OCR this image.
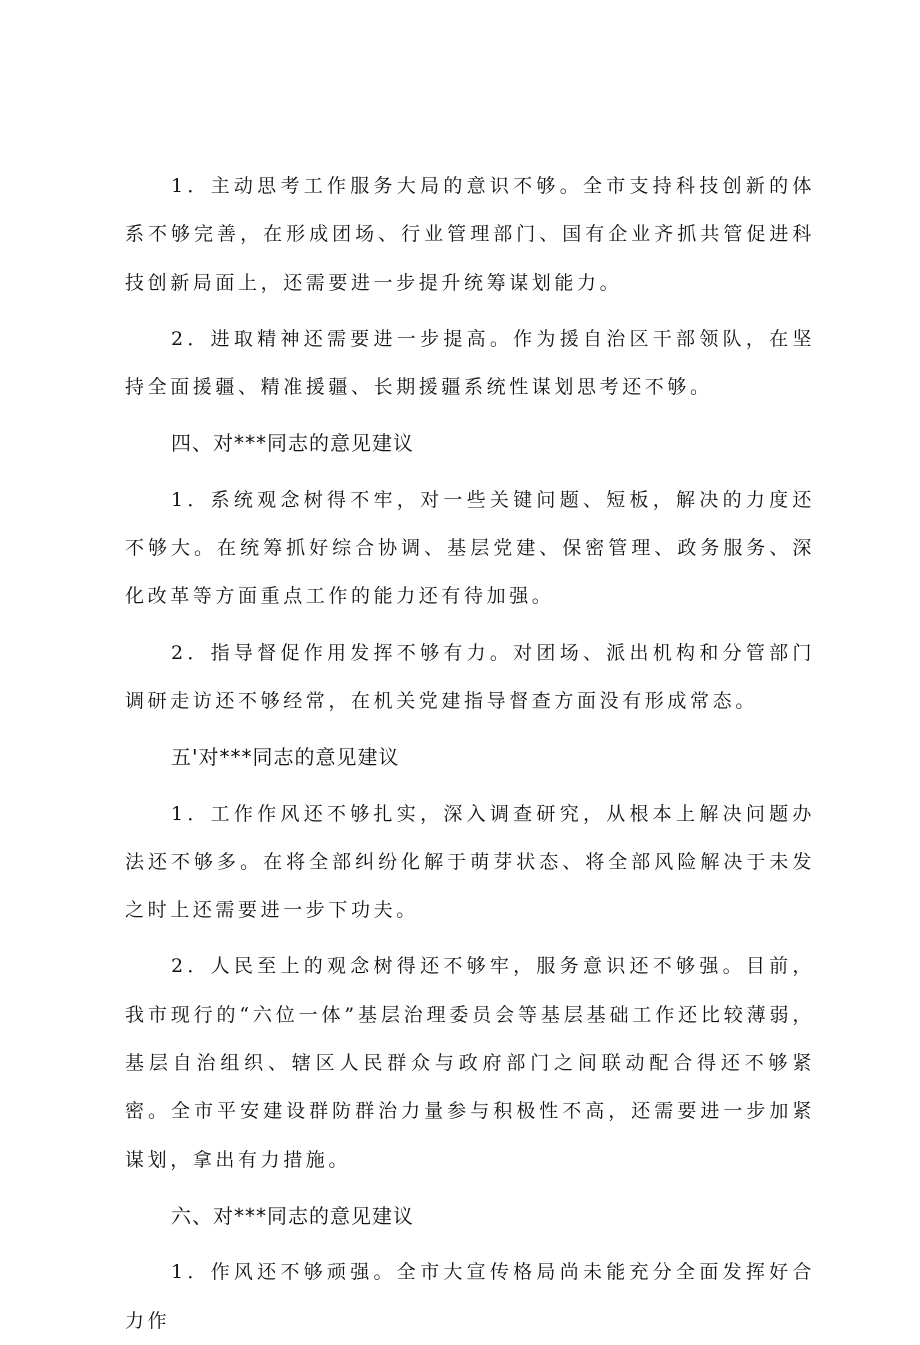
1．主动思考工作服务大局的意识不够。全市支持科技创新的体系不够完善，在形成团场、行业管理部门、国有企业齐抓共管促进科技创新局面上，还需要进一步提升统筹谋划能力。

2．进取精神还需要进一步提高。作为援自治区干部领队，在坚持全面援疆、精准援疆、长期援疆系统性谋划思考还不够。

四、对***同志的意见建议

1．系统观念树得不牢，对一些关键问题、短板，解决的力度还不够大。在统筹抓好综合协调、基层党建、保密管理、政务服务、深化改革等方面重点工作的能力还有待加强。

2．指导督促作用发挥不够有力。对团场、派出机构和分管部门调研走访还不够经常，在机关党建指导督查方面没有形成常态。

五'对***同志的意见建议

1．工作作风还不够扎实，深入调查研究，从根本上解决问题办法还不够多。在将全部纠纷化解于萌芽状态、将全部风险解决于未发之时上还需要进一步下功夫。

2．人民至上的观念树得还不够牢，服务意识还不够强。目前，我市现行的“六位一体”基层治理委员会等基层基础工作还比较薄弱，基层自治组织、辖区人民群众与政府部门之间联动配合得还不够紧密。全市平安建设群防群治力量参与积极性不高，还需要进一步加紧谋划，拿出有力措施。

六、对***同志的意见建议

1．作风还不够顽强。全市大宣传格局尚未能充分全面发挥好合力作
